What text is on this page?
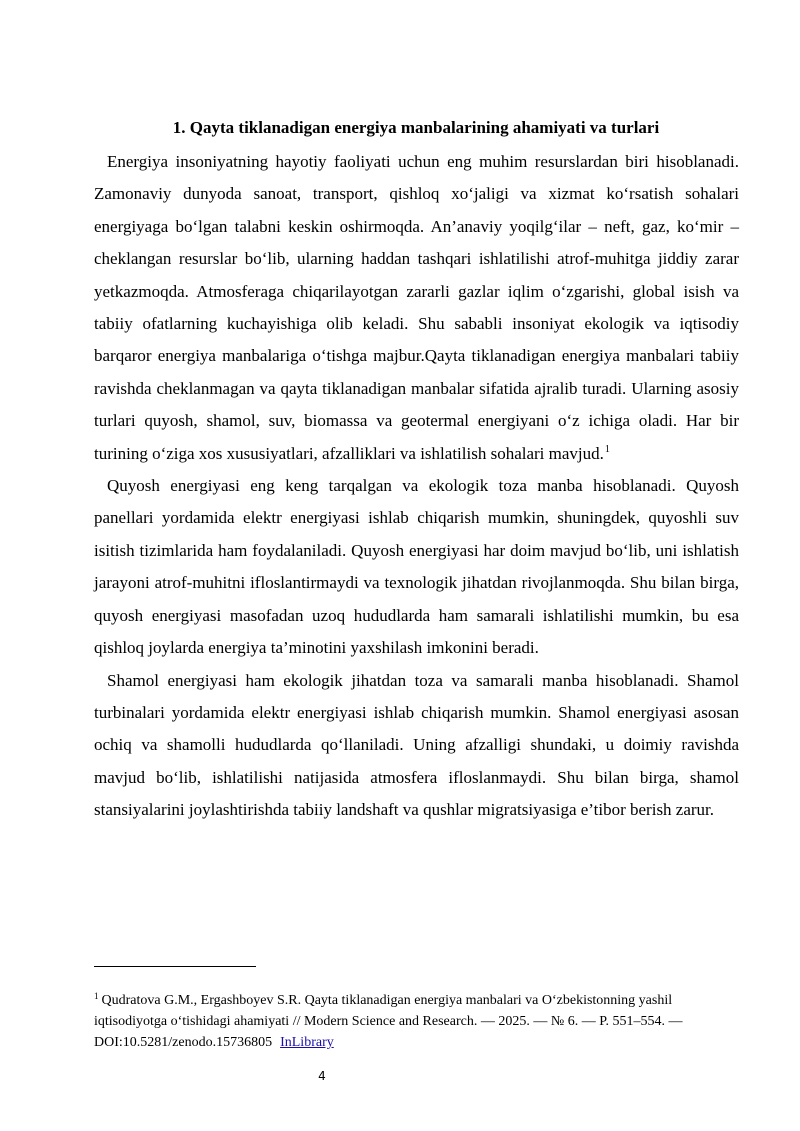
1. Qayta tiklanadigan energiya manbalarining ahamiyati va turlari

Energiya insoniyatning hayotiy faoliyati uchun eng muhim resurslardan biri hisoblanadi. Zamonaviy dunyoda sanoat, transport, qishloq xo‘jaligi va xizmat ko‘rsatish sohalari energiyaga bo‘lgan talabni keskin oshirmoqda. An’anaviy yoqilg‘ilar – neft, gaz, ko‘mir – cheklangan resurslar bo‘lib, ularning haddan tashqari ishlatilishi atrof-muhitga jiddiy zarar yetkazmoqda. Atmosferaga chiqarilayotgan zararli gazlar iqlim o‘zgarishi, global isish va tabiiy ofatlarning kuchayishiga olib keladi. Shu sababli insoniyat ekologik va iqtisodiy barqaror energiya manbalariga o‘tishga majbur.Qayta tiklanadigan energiya manbalari tabiiy ravishda cheklanmagan va qayta tiklanadigan manbalar sifatida ajralib turadi. Ularning asosiy turlari quyosh, shamol, suv, biomassa va geotermal energiyani o‘z ichiga oladi. Har bir turining o‘ziga xos xususiyatlari, afzalliklari va ishlatilish sohalari mavjud.$^1$

Quyosh energiyasi eng keng tarqalgan va ekologik toza manba hisoblanadi. Quyosh panellari yordamida elektr energiyasi ishlab chiqarish mumkin, shuningdek, quyoshli suv isitish tizimlarida ham foydalaniladi. Quyosh energiyasi har doim mavjud bo‘lib, uni ishlatish jarayoni atrof-muhitni ifloslantirmaydi va texnologik jihatdan rivojlanmoqda. Shu bilan birga, quyosh energiyasi masofadan uzoq hududlarda ham samarali ishlatilishi mumkin, bu esa qishloq joylarda energiya ta’minotini yaxshilash imkonini beradi.

Shamol energiyasi ham ekologik jihatdan toza va samarali manba hisoblanadi. Shamol turbinalari yordamida elektr energiyasi ishlab chiqarish mumkin. Shamol energiyasi asosan ochiq va shamolli hududlarda qo‘llaniladi. Uning afzalligi shundaki, u doimiy ravishda mavjud bo‘lib, ishlatilishi natijasida atmosfera ifloslanmaydi. Shu bilan birga, shamol stansiyalarini joylashtirishda tabiiy landshaft va qushlar migratsiyasiga e’tibor berish zarur.

$^1$ Qudratova G.M., Ergashboyev S.R. Qayta tiklanadigan energiya manbalari va O‘zbekistonning yashil iqtisodiyotga o‘tishidagi ahamiyati // Modern Science and Research. — 2025. — № 6. — P. 551–554. — DOI:10.5281/zenodo.15736805 InLibrary

4
